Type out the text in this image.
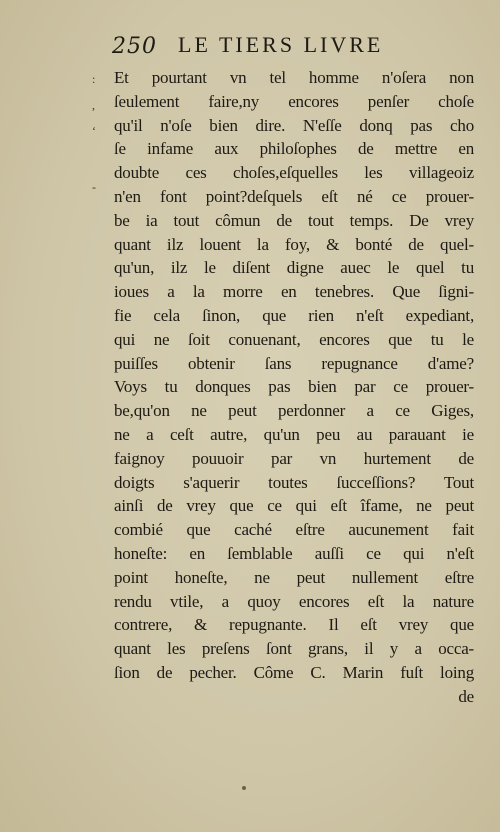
250 LE TIERS LIVRE
:
,
‘
-
Et pourtant vn tel homme n'oſera non
ſeulement faire,ny encores penſer choſe
qu'il n'oſe bien dire. N'eſſe donq pas cho
ſe infame aux philoſophes de mettre en
doubte ces choſes,eſquelles les villageoiz
n'en font point?deſquels eſt né ce prouer-
be ia tout cômun de tout temps. De vrey
quant ilz louent la foy, & bonté de quel-
qu'un, ilz le diſent digne auec le quel tu
ioues a la morre en tenebres. Que ſigni-
fie cela ſinon, que rien n'eſt expediant,
qui ne ſoit conuenant, encores que tu le
puiſſes obtenir ſans repugnance d'ame?
Voys tu donques pas bien par ce prouer-
be,qu'on ne peut perdonner a ce Giges,
ne a ceſt autre, qu'un peu au parauant ie
faignoy pouuoir par vn hurtement de
doigts s'aquerir toutes ſucceſſions? Tout
ainſi de vrey que ce qui eſt îfame, ne peut
combié que caché eſtre aucunement fait
honeſte: en ſemblable auſſi ce qui n'eſt
point honeſte, ne peut nullement eſtre
rendu vtile, a quoy encores eſt la nature
contrere, & repugnante. Il eſt vrey que
quant les preſens ſont grans, il y a occa-
ſion de pecher. Côme C. Marin fuſt loing
de
